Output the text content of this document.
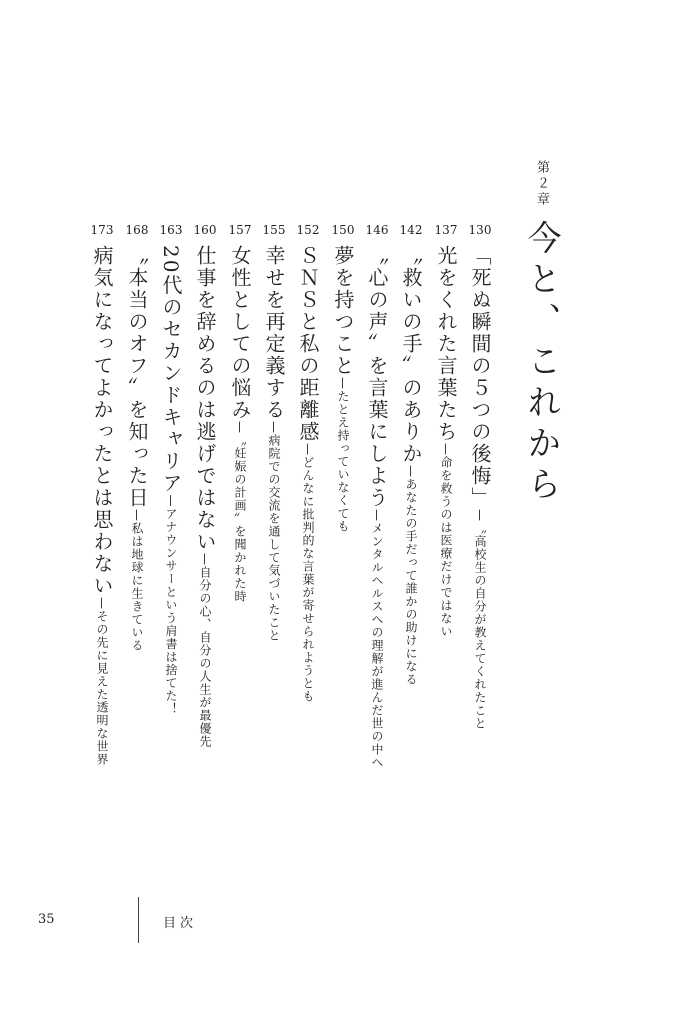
第２章
今と、これから
130
「死ぬ瞬間の５つの後悔」—〝高校生の自分が教えてくれたこと
137
光をくれた言葉たち—命を救うのは医療だけではない
142
〝救いの手〟のありか—あなたの手だって誰かの助けになる
146
〝心の声〟を言葉にしよう—メンタルヘルスへの理解が進んだ世の中へ
150
夢を持つこと—たとえ持っていなくても
152
ＳＮＳと私の距離感—どんなに批判的な言葉が寄せられようとも
155
幸せを再定義する—病院での交流を通して気づいたこと
157
女性としての悩み—〝妊娠の計画〟を聞かれた時
160
仕事を辞めるのは逃げではない—自分の心、自分の人生が最優先
163
20代のセカンドキャリア—アナウンサーという肩書は捨てた！
168
〝本当のオフ〟を知った日—私は地球に生きている
173
病気になってよかったとは思わない—その先に見えた透明な世界
35	目次
